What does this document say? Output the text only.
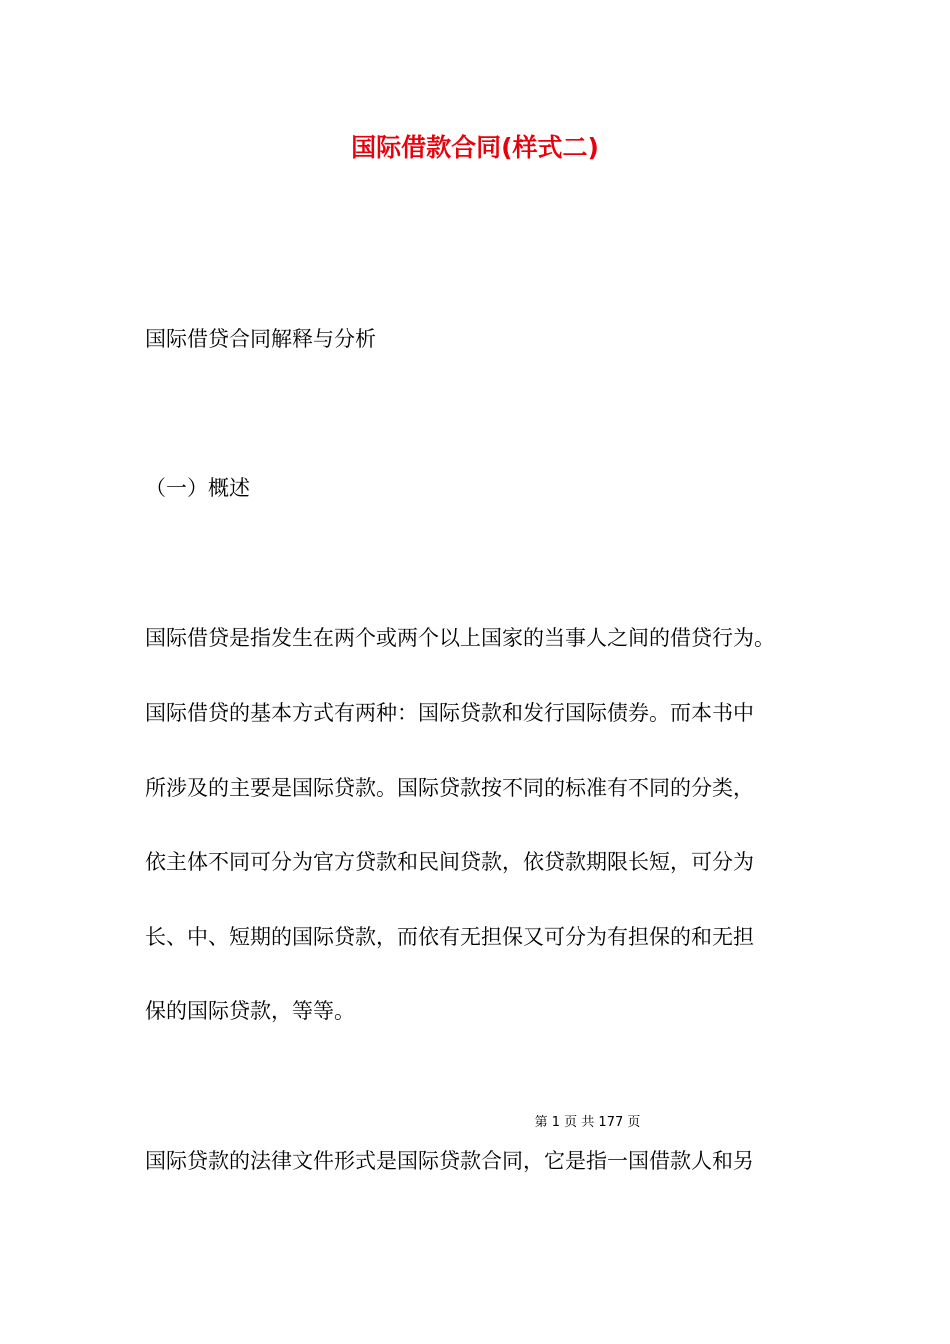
国际借款合同(样式二)
国际借贷合同解释与分析
（一）概述
国际借贷是指发生在两个或两个以上国家的当事人之间的借贷行为。
国际借贷的基本方式有两种：国际贷款和发行国际债券。而本书中
所涉及的主要是国际贷款。国际贷款按不同的标准有不同的分类，
依主体不同可分为官方贷款和民间贷款，依贷款期限长短，可分为
长、中、短期的国际贷款，而依有无担保又可分为有担保的和无担
保的国际贷款，等等。
第 1 页 共 177 页
国际贷款的法律文件形式是国际贷款合同，它是指一国借款人和另
